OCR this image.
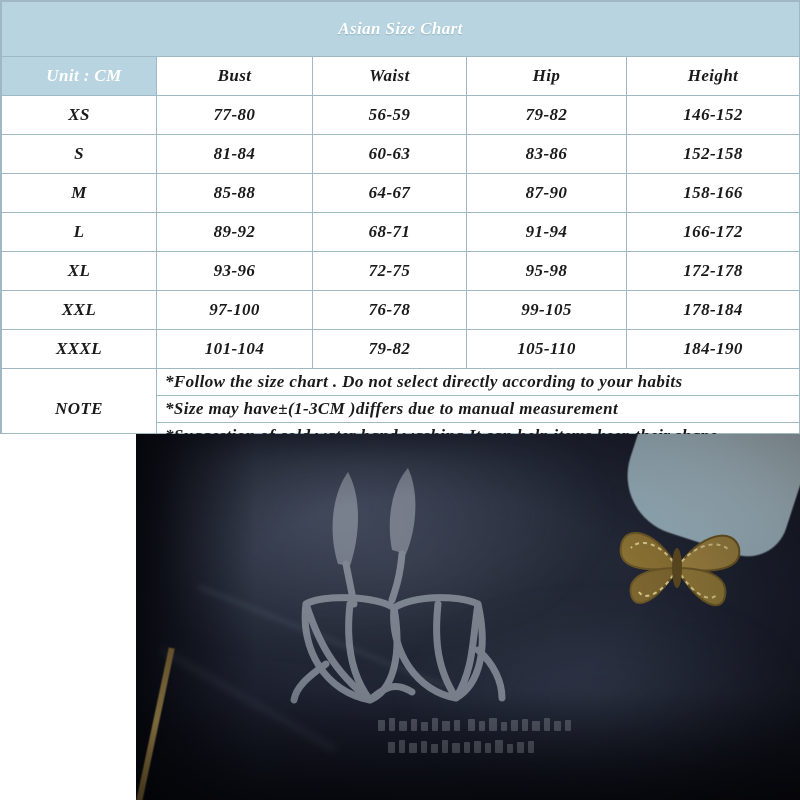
Asian Size Chart				
Unit : CM	Bust	Waist	Hip	Height
XS	77-80	56-59	79-82	146-152
S	81-84	60-63	83-86	152-158
M	85-88	64-67	87-90	158-166
L	89-92	68-71	91-94	166-172
XL	93-96	72-75	95-98	172-178
XXL	97-100	76-78	99-105	178-184
XXXL	101-104	79-82	105-110	184-190
NOTE	*Follow the size chart . Do not select directly according to your habits			
	*Size may have±(1-3CM )differs due to manual measurement			
